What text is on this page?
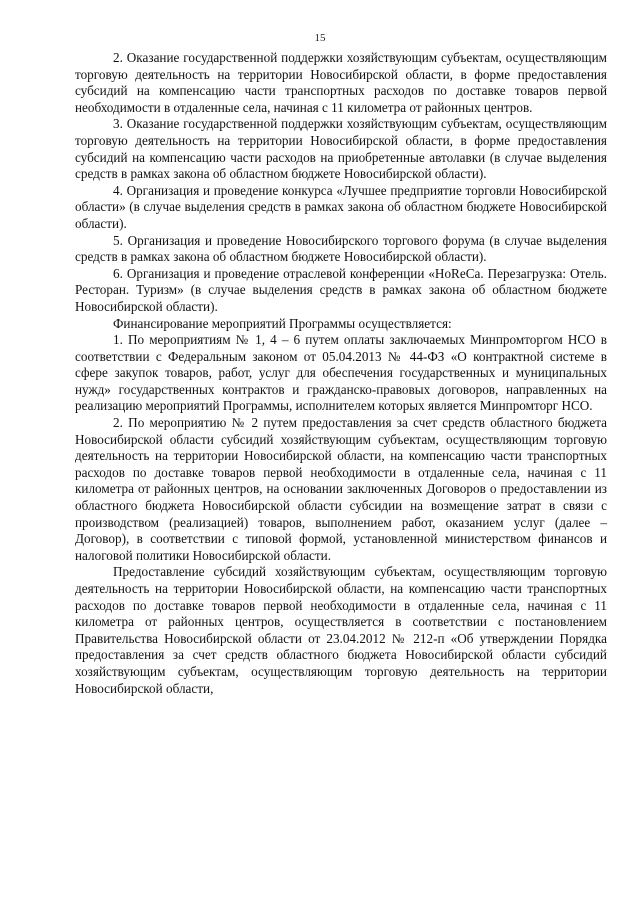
15

2. Оказание государственной поддержки хозяйствующим субъектам, осуществляющим торговую деятельность на территории Новосибирской области, в форме предоставления субсидий на компенсацию части транспортных расходов по доставке товаров первой необходимости в отдаленные села, начиная с 11 километра от районных центров.

3. Оказание государственной поддержки хозяйствующим субъектам, осуществляющим торговую деятельность на территории Новосибирской области, в форме предоставления субсидий на компенсацию части расходов на приобретенные автолавки (в случае выделения средств в рамках закона об областном бюджете Новосибирской области).

4. Организация и проведение конкурса «Лучшее предприятие торговли Новосибирской области» (в случае выделения средств в рамках закона об областном бюджете Новосибирской области).

5. Организация и проведение Новосибирского торгового форума (в случае выделения средств в рамках закона об областном бюджете Новосибирской области).

6. Организация и проведение отраслевой конференции «HoReCa. Перезагрузка: Отель. Ресторан. Туризм» (в случае выделения средств в рамках закона об областном бюджете Новосибирской области).

Финансирование мероприятий Программы осуществляется:

1. По мероприятиям № 1, 4 – 6 путем оплаты заключаемых Минпромторгом НСО в соответствии с Федеральным законом от 05.04.2013 № 44-ФЗ «О контрактной системе в сфере закупок товаров, работ, услуг для обеспечения государственных и муниципальных нужд» государственных контрактов и гражданско-правовых договоров, направленных на реализацию мероприятий Программы, исполнителем которых является Минпромторг НСО.

2. По мероприятию № 2 путем предоставления за счет средств областного бюджета Новосибирской области субсидий хозяйствующим субъектам, осуществляющим торговую деятельность на территории Новосибирской области, на компенсацию части транспортных расходов по доставке товаров первой необходимости в отдаленные села, начиная с 11 километра от районных центров, на основании заключенных Договоров о предоставлении из областного бюджета Новосибирской области субсидии на возмещение затрат в связи с производством (реализацией) товаров, выполнением работ, оказанием услуг (далее – Договор), в соответствии с типовой формой, установленной министерством финансов и налоговой политики Новосибирской области.

Предоставление субсидий хозяйствующим субъектам, осуществляющим торговую деятельность на территории Новосибирской области, на компенсацию части транспортных расходов по доставке товаров первой необходимости в отдаленные села, начиная с 11 километра от районных центров, осуществляется в соответствии с постановлением Правительства Новосибирской области от 23.04.2012 № 212-п «Об утверждении Порядка предоставления за счет средств областного бюджета Новосибирской области субсидий хозяйствующим субъектам, осуществляющим торговую деятельность на территории Новосибирской области,
